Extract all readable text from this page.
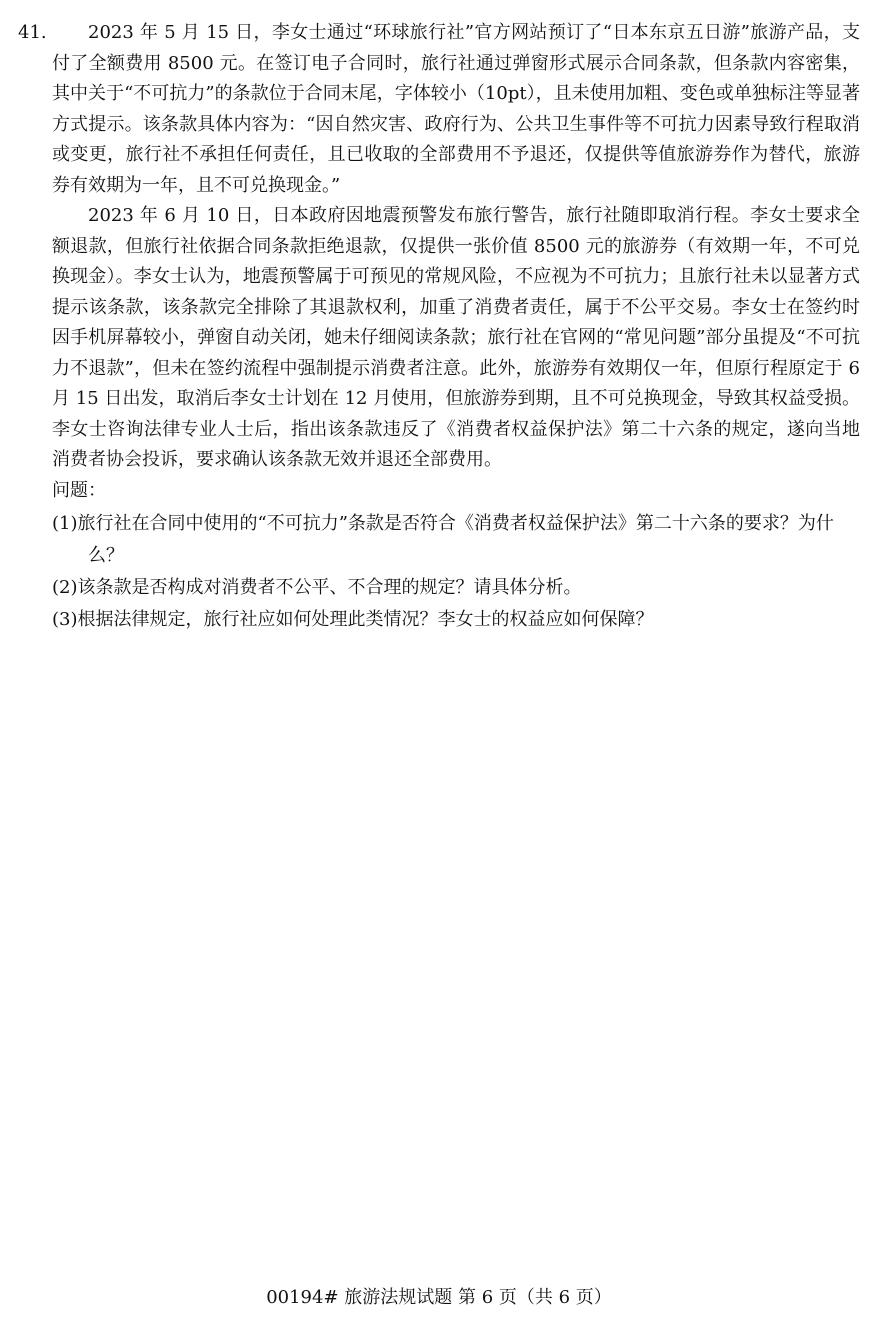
41.	2023 年 5 月 15 日，李女士通过“环球旅行社”官方网站预订了“日本东京五日游”旅游产品，支付了全额费用 8500 元。在签订电子合同时，旅行社通过弹窗形式展示合同条款，但条款内容密集，其中关于“不可抗力”的条款位于合同末尾，字体较小（10pt），且未使用加粗、变色或单独标注等显著方式提示。该条款具体内容为：“因自然灾害、政府行为、公共卫生事件等不可抗力因素导致行程取消或变更，旅行社不承担任何责任，且已收取的全部费用不予退还，仅提供等值旅游券作为替代，旅游券有效期为一年，且不可兑换现金。”

2023 年 6 月 10 日，日本政府因地震预警发布旅行警告，旅行社随即取消行程。李女士要求全额退款，但旅行社依据合同条款拒绝退款，仅提供一张价值 8500 元的旅游券（有效期一年，不可兑换现金）。李女士认为，地震预警属于可预见的常规风险，不应视为不可抗力；且旅行社未以显著方式提示该条款，该条款完全排除了其退款权利，加重了消费者责任，属于不公平交易。李女士在签约时因手机屏幕较小，弹窗自动关闭，她未仔细阅读条款；旅行社在官网的“常见问题”部分虽提及“不可抗力不退款”，但未在签约流程中强制提示消费者注意。此外，旅游券有效期仅一年，但原行程原定于 6 月 15 日出发，取消后李女士计划在 12 月使用，但旅游券到期，且不可兑换现金，导致其权益受损。李女士咨询法律专业人士后，指出该条款违反了《消费者权益保护法》第二十六条的规定，遂向当地消费者协会投诉，要求确认该条款无效并退还全部费用。

问题：

(1)旅行社在合同中使用的“不可抗力”条款是否符合《消费者权益保护法》第二十六条的要求？为什么？
(2)该条款是否构成对消费者不公平、不合理的规定？请具体分析。
(3)根据法律规定，旅行社应如何处理此类情况？李女士的权益应如何保障？
00194# 旅游法规试题 第 6 页（共 6 页）
